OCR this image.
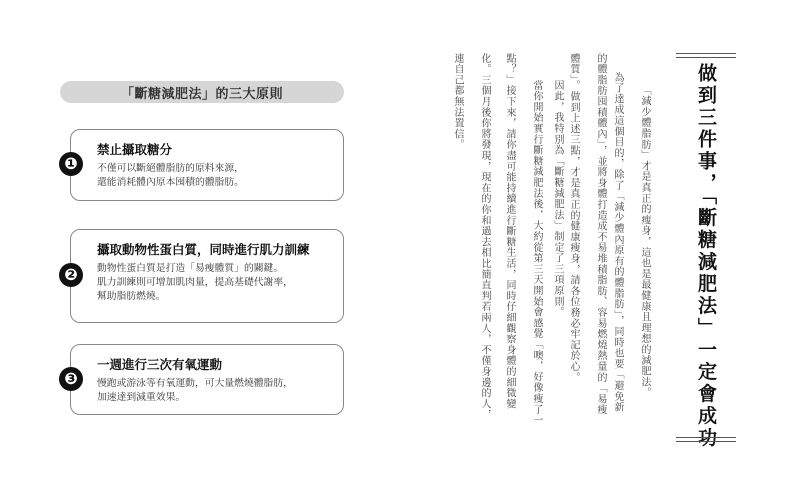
「斷糖減肥法」的三大原則
❶
禁止攝取糖分
不僅可以斷絕體脂肪的原料來源，
還能消耗體內原本囤積的體脂肪。
❷
攝取動物性蛋白質，同時進行肌力訓練
動物性蛋白質是打造「易瘦體質」的關鍵。
肌力訓練則可增加肌肉量，提高基礎代謝率，
幫助脂肪燃燒。
❸
一週進行三次有氧運動
慢跑或游泳等有氧運動，可大量燃燒體脂肪，
加速達到減重效果。	「減少體脂肪」才是真正的瘦身，這也是最健康且理想的減肥法。
為了達成這個目的，除了「減少體內原有的體脂肪」，同時也要「避免新
的體脂肪囤積體內」，並將身體打造成不易堆積脂肪、容易燃燒熱量的「易瘦
體質」。做到上述三點，才是真正的健康瘦身，請各位務必牢記於心。
因此，我特別為「斷糖減肥法」制定了三項原則。
當你開始實行斷糖減肥法後，大約從第三天開始會感覺「噢，好像瘦了一
點？」接下來，請你盡可能持續進行斷糖生活，同時仔細觀察身體的細微變
化。三個月後你將發現，現在的你和過去相比簡直判若兩人，不僅身邊的人，
連自己都無法置信。	做到三件事，「斷糖減肥法」一定會成功
